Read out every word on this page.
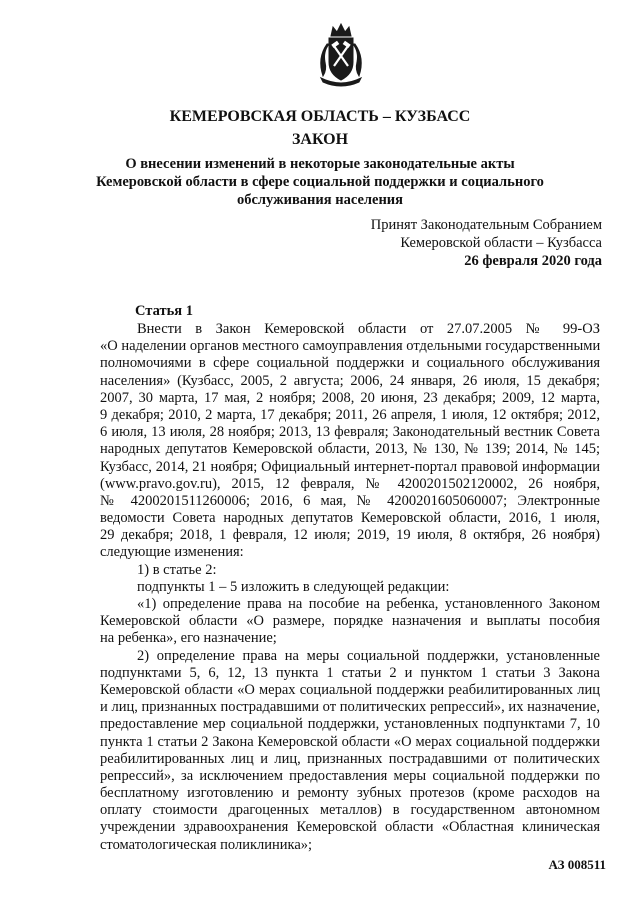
КЕМЕРОВСКАЯ ОБЛАСТЬ – КУЗБАСС
ЗАКОН
О внесении изменений в некоторые законодательные акты
Кемеровской области в сфере социальной поддержки и социального
обслуживания населения
Принят Законодательным Собранием
Кемеровской области – Кузбасса
26 февраля 2020 года
Статья 1
Внести в Закон Кемеровской области от 27.07.2005 № 99-ОЗ
«О наделении органов местного самоуправления отдельными государственными
полномочиями в сфере социальной поддержки и социального обслуживания
населения» (Кузбасс, 2005, 2 августа; 2006, 24 января, 26 июля, 15 декабря;
2007, 30 марта, 17 мая, 2 ноября; 2008, 20 июня, 23 декабря; 2009, 12 марта,
9 декабря; 2010, 2 марта, 17 декабря; 2011, 26 апреля, 1 июля, 12 октября; 2012,
6 июля, 13 июля, 28 ноября; 2013, 13 февраля; Законодательный вестник Совета
народных депутатов Кемеровской области, 2013, № 130, № 139; 2014, № 145;
Кузбасс, 2014, 21 ноября; Официальный интернет-портал правовой информации
(www.pravo.gov.ru), 2015, 12 февраля, № 4200201502120002, 26 ноября,
№ 4200201511260006; 2016, 6 мая, № 4200201605060007; Электронные
ведомости Совета народных депутатов Кемеровской области, 2016, 1 июля,
29 декабря; 2018, 1 февраля, 12 июля; 2019, 19 июля, 8 октября, 26 ноября)
следующие изменения:
1) в статье 2:
подпункты 1 – 5 изложить в следующей редакции:
«1) определение права на пособие на ребенка, установленного Законом
Кемеровской области «О размере, порядке назначения и выплаты пособия
на ребенка», его назначение;
2) определение права на меры социальной поддержки, установленные
подпунктами 5, 6, 12, 13 пункта 1 статьи 2 и пунктом 1 статьи 3 Закона
Кемеровской области «О мерах социальной поддержки реабилитированных лиц
и лиц, признанных пострадавшими от политических репрессий», их назначение,
предоставление мер социальной поддержки, установленных подпунктами 7, 10
пункта 1 статьи 2 Закона Кемеровской области «О мерах социальной поддержки
реабилитированных лиц и лиц, признанных пострадавшими от политических
репрессий», за исключением предоставления меры социальной поддержки по
бесплатному изготовлению и ремонту зубных протезов (кроме расходов на
оплату стоимости драгоценных металлов) в государственном автономном
учреждении здравоохранения Кемеровской области «Областная клиническая
стоматологическая поликлиника»;
АЗ 008511
